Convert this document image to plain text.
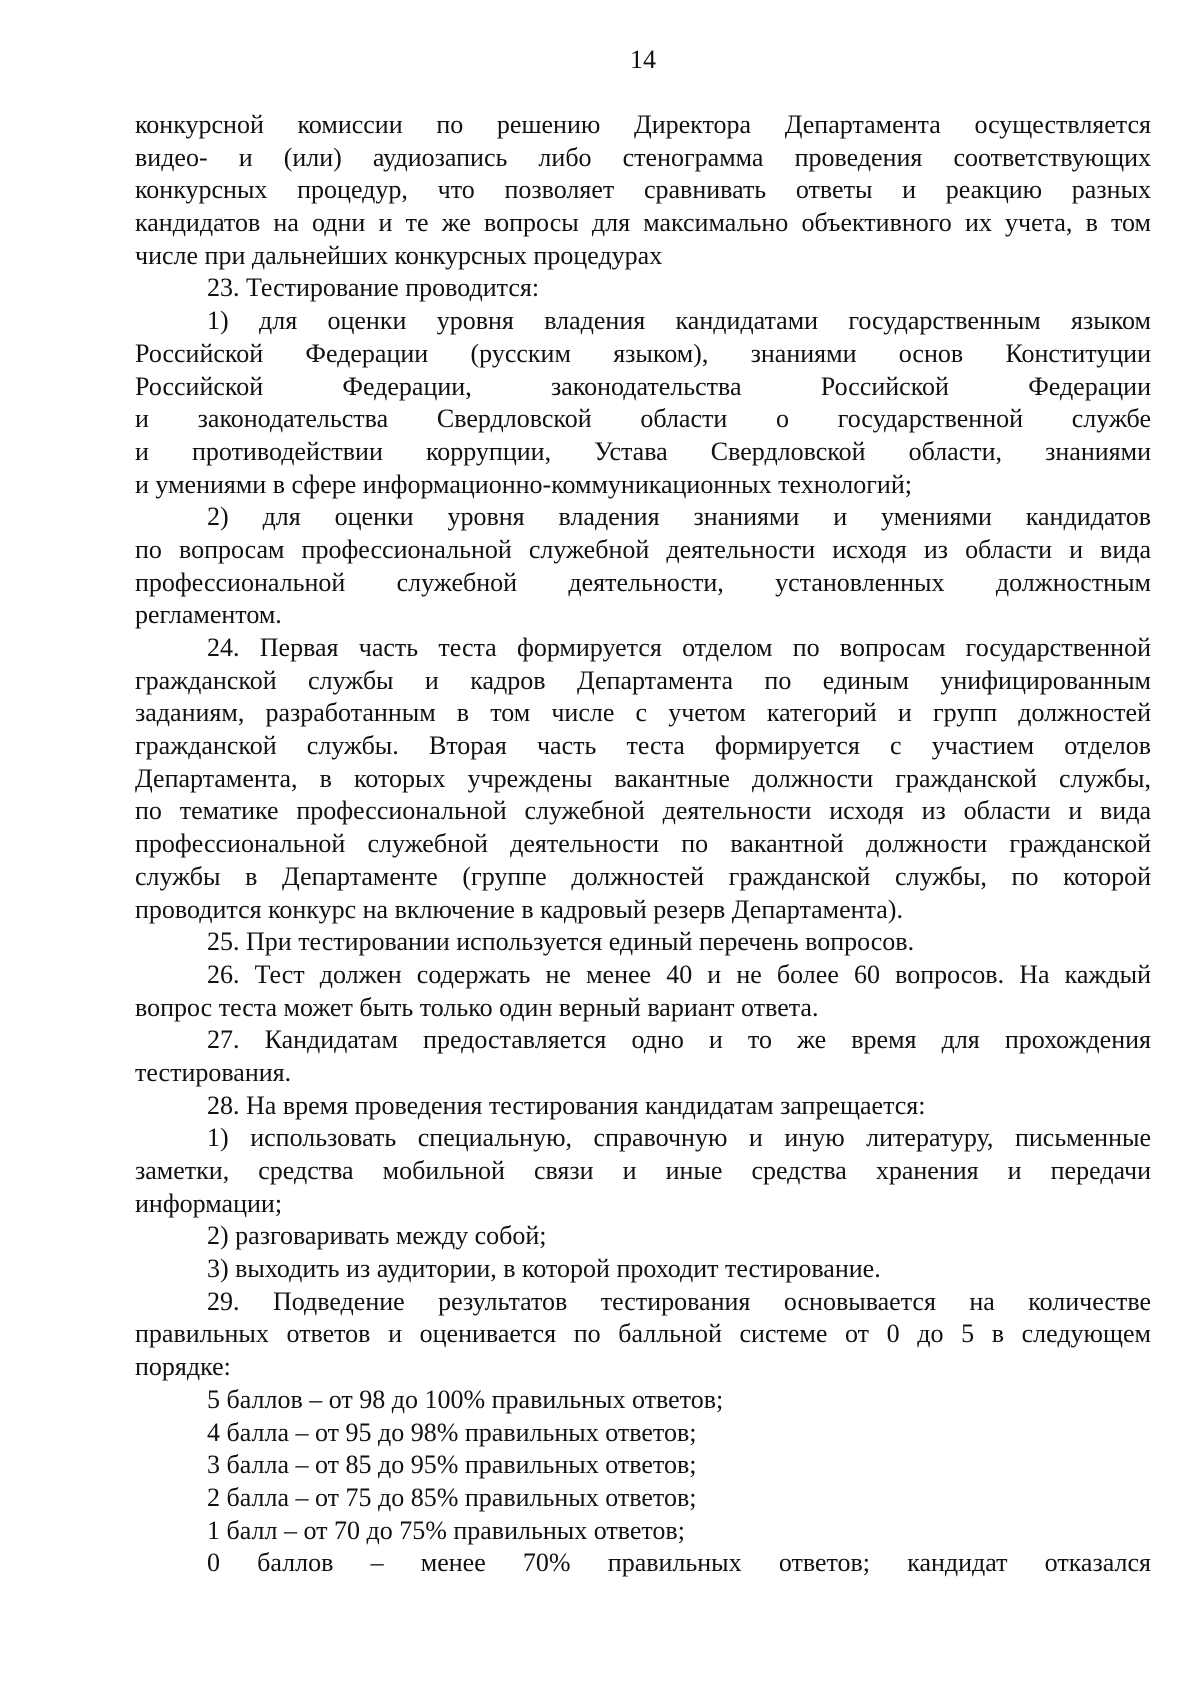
14
конкурсной комиссии по решению Директора Департамента осуществляется
видео- и (или) аудиозапись либо стенограмма проведения соответствующих
конкурсных процедур, что позволяет сравнивать ответы и реакцию разных
кандидатов на одни и те же вопросы для максимально объективного их учета, в том
числе при дальнейших конкурсных процедурах
23. Тестирование проводится:
1) для оценки уровня владения кандидатами государственным языком
Российской Федерации (русским языком), знаниями основ Конституции
Российской Федерации, законодательства Российской Федерации
и законодательства Свердловской области о государственной службе
и противодействии коррупции, Устава Свердловской области, знаниями
и умениями в сфере информационно-коммуникационных технологий;
2) для оценки уровня владения знаниями и умениями кандидатов
по вопросам профессиональной служебной деятельности исходя из области и вида
профессиональной служебной деятельности, установленных должностным
регламентом.
24. Первая часть теста формируется отделом по вопросам государственной
гражданской службы и кадров Департамента по единым унифицированным
заданиям, разработанным в том числе с учетом категорий и групп должностей
гражданской службы. Вторая часть теста формируется с участием отделов
Департамента, в которых учреждены вакантные должности гражданской службы,
по тематике профессиональной служебной деятельности исходя из области и вида
профессиональной служебной деятельности по вакантной должности гражданской
службы в Департаменте (группе должностей гражданской службы, по которой
проводится конкурс на включение в кадровый резерв Департамента).
25. При тестировании используется единый перечень вопросов.
26. Тест должен содержать не менее 40 и не более 60 вопросов. На каждый
вопрос теста может быть только один верный вариант ответа.
27. Кандидатам предоставляется одно и то же время для прохождения
тестирования.
28. На время проведения тестирования кандидатам запрещается:
1) использовать специальную, справочную и иную литературу, письменные
заметки, средства мобильной связи и иные средства хранения и передачи
информации;
2) разговаривать между собой;
3) выходить из аудитории, в которой проходит тестирование.
29. Подведение результатов тестирования основывается на количестве
правильных ответов и оценивается по балльной системе от 0 до 5 в следующем
порядке:
5 баллов – от 98 до 100% правильных ответов;
4 балла – от 95 до 98% правильных ответов;
3 балла – от 85 до 95% правильных ответов;
2 балла – от 75 до 85% правильных ответов;
1 балл – от 70 до 75% правильных ответов;
0 баллов – менее 70% правильных ответов; кандидат отказался
